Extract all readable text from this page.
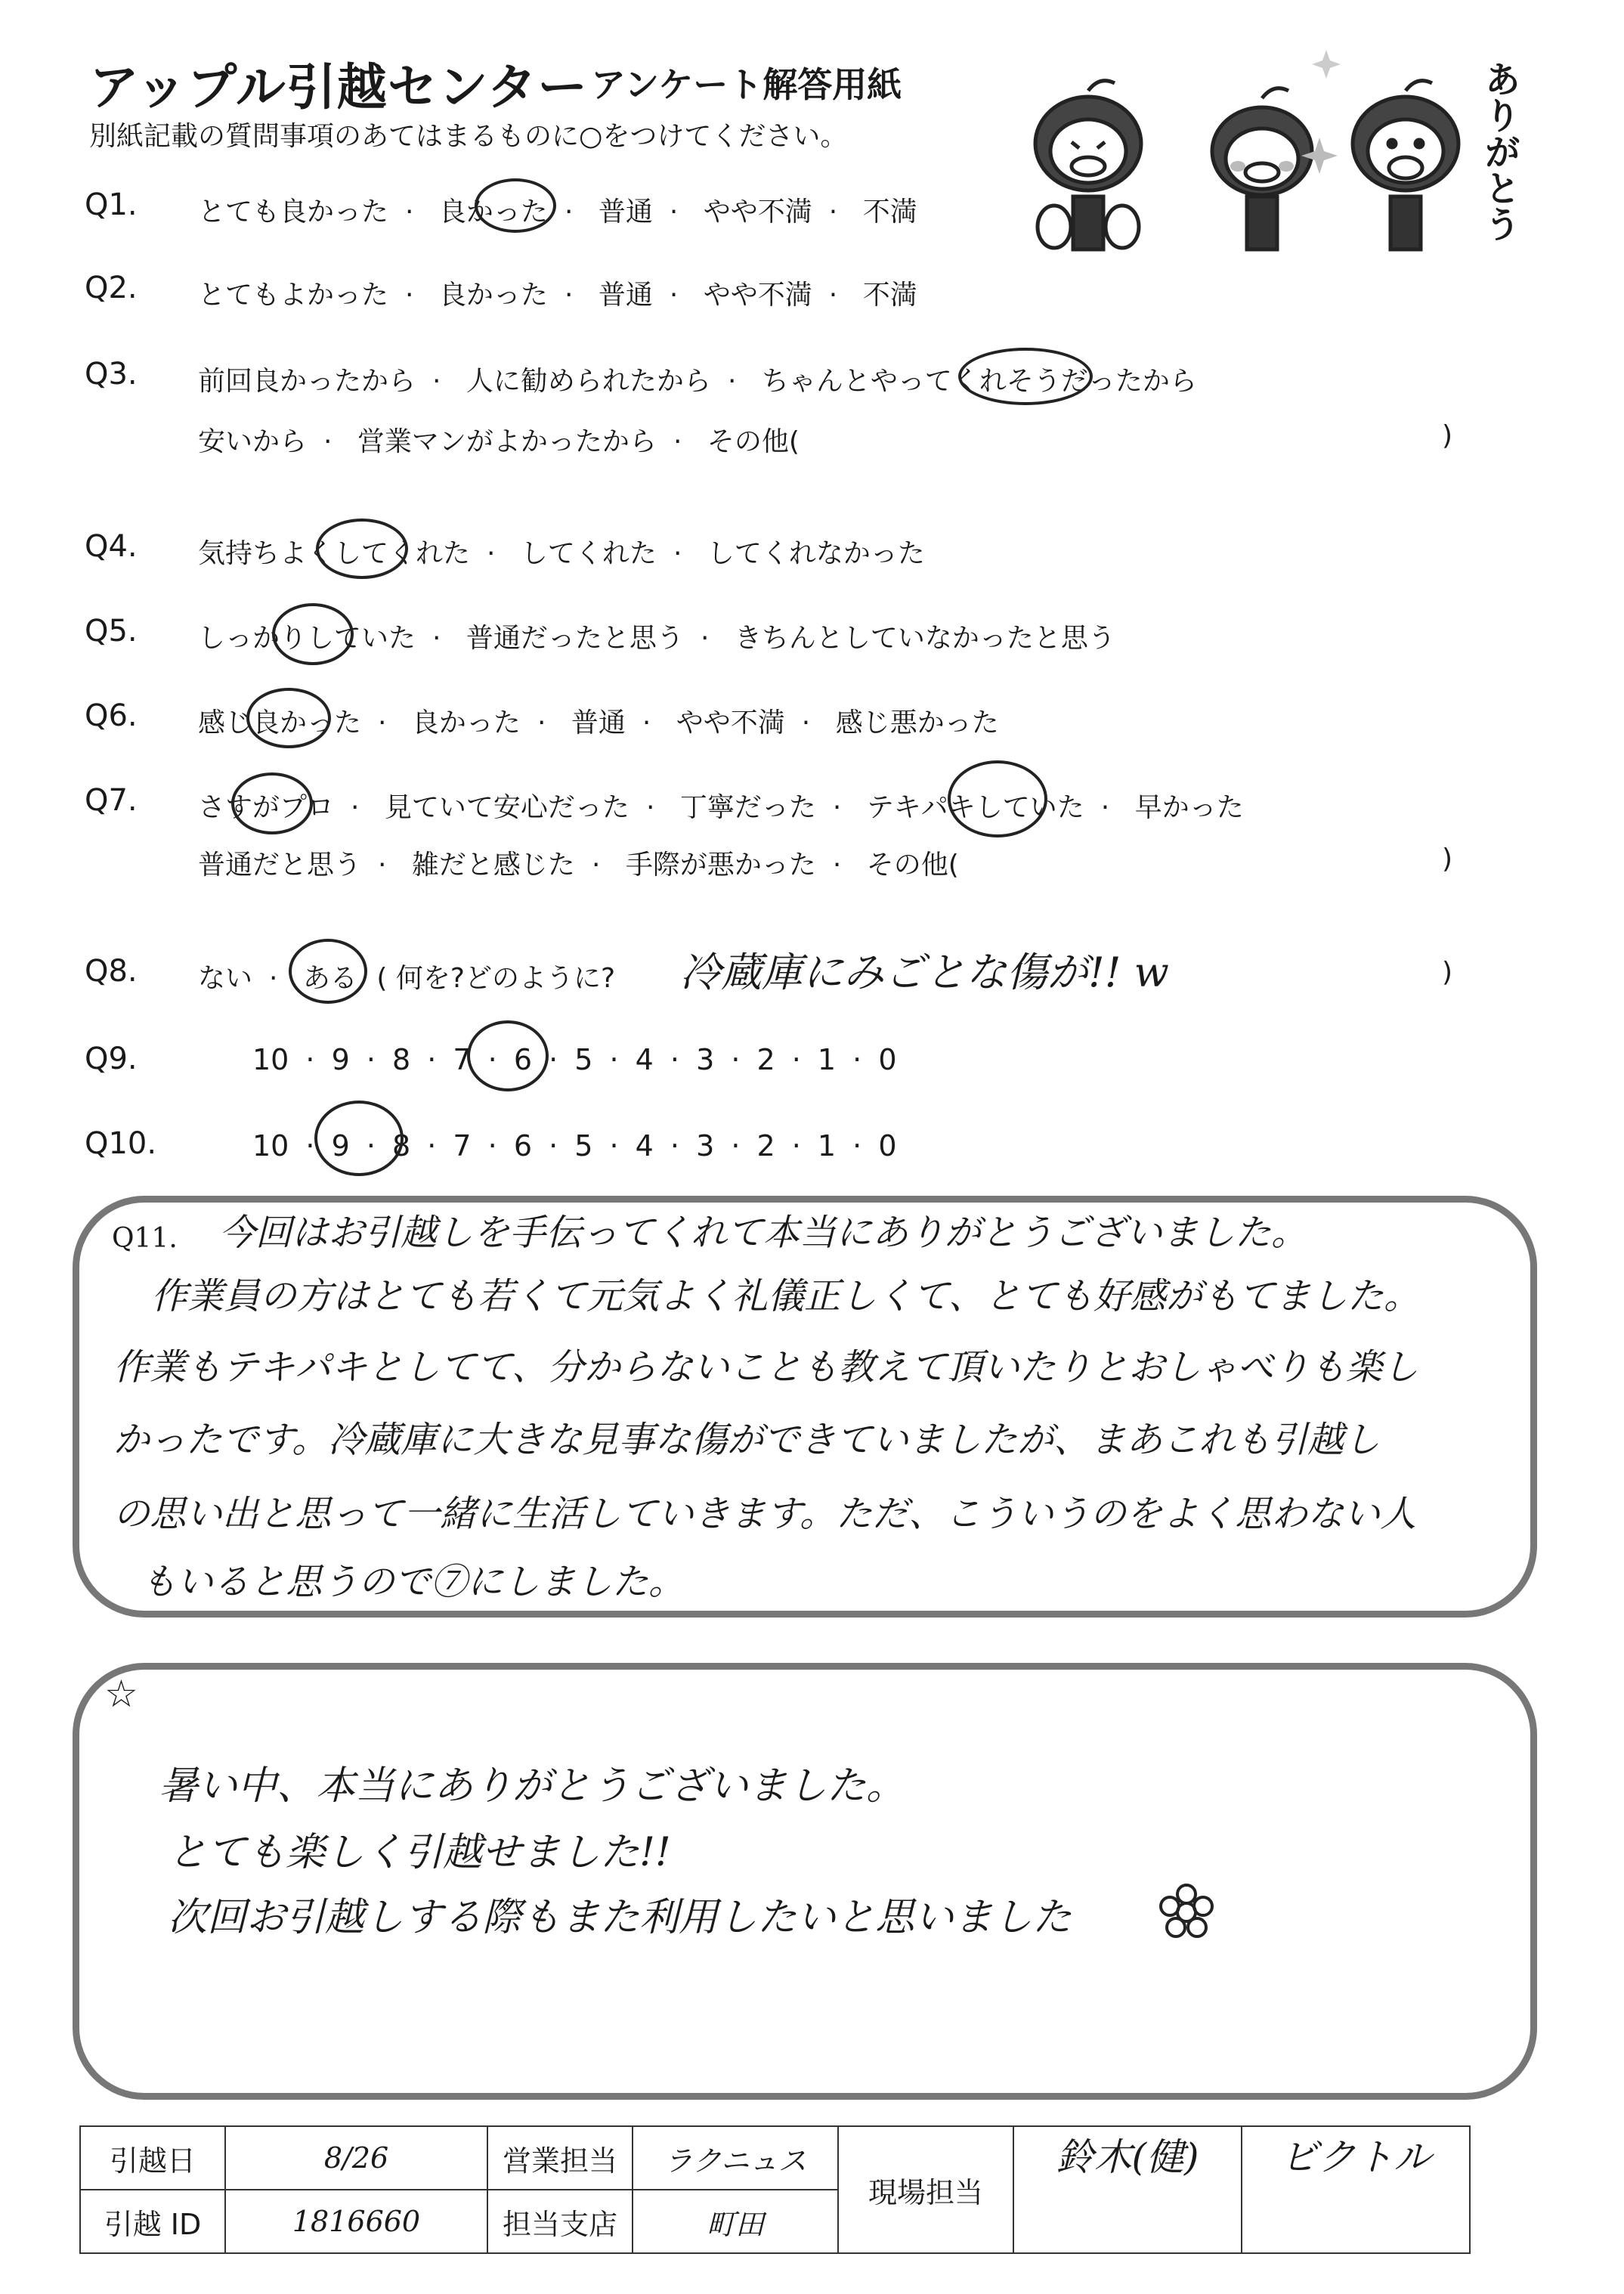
アップル引越センター アンケート解答用紙
別紙記載の質問事項のあてはまるものに○をつけてください。	ありがとう
Q1. とても良かった · 良かった · 普通 · やや不満 · 不満
Q2. とてもよかった · 良かった · 普通 · やや不満 · 不満
Q3. 前回良かったから · 人に勧められたから · ちゃんとやってくれそうだったから
安いから · 営業マンがよかったから · その他(	)
Q4. 気持ちよくしてくれた · してくれた · してくれなかった
Q5. しっかりしていた · 普通だったと思う · きちんとしていなかったと思う
Q6. 感じ良かった · 良かった · 普通 · やや不満 · 感じ悪かった
Q7. さすがプロ · 見ていて安心だった · 丁寧だった · テキパキしていた · 早かった
普通だと思う · 雑だと感じた · 手際が悪かった · その他(	)
Q8. ない · ある ( 何を?どのように? 冷蔵庫にみごとな傷が!! w	)
Q9.	10 · 9 · 8 · 7 · 6 · 5 · 4 · 3 · 2 · 1 · 0
Q10.	10 · 9 · 8 · 7 · 6 · 5 · 4 · 3 · 2 · 1 · 0
Q11. 今回はお引越しを手伝ってくれて本当にありがとうございました。
作業員の方はとても若くて元気よく礼儀正しくて、とても好感がもてました。
作業もテキパキとしてて、分からないことも教えて頂いたりとおしゃべりも楽し
かったです。冷蔵庫に大きな見事な傷ができていましたが、まあこれも引越し
の思い出と思って一緒に生活していきます。ただ、こういうのをよく思わない人
もいると思うので⑦にしました。
☆
暑い中、本当にありがとうございました。
とても楽しく引越せました!!
次回お引越しする際もまた利用したいと思いました
引越日	8/26	営業担当	ラクニュス	現場担当	鈴木(健)	ビクトル
引越 ID	1816660	担当支店	町田			
